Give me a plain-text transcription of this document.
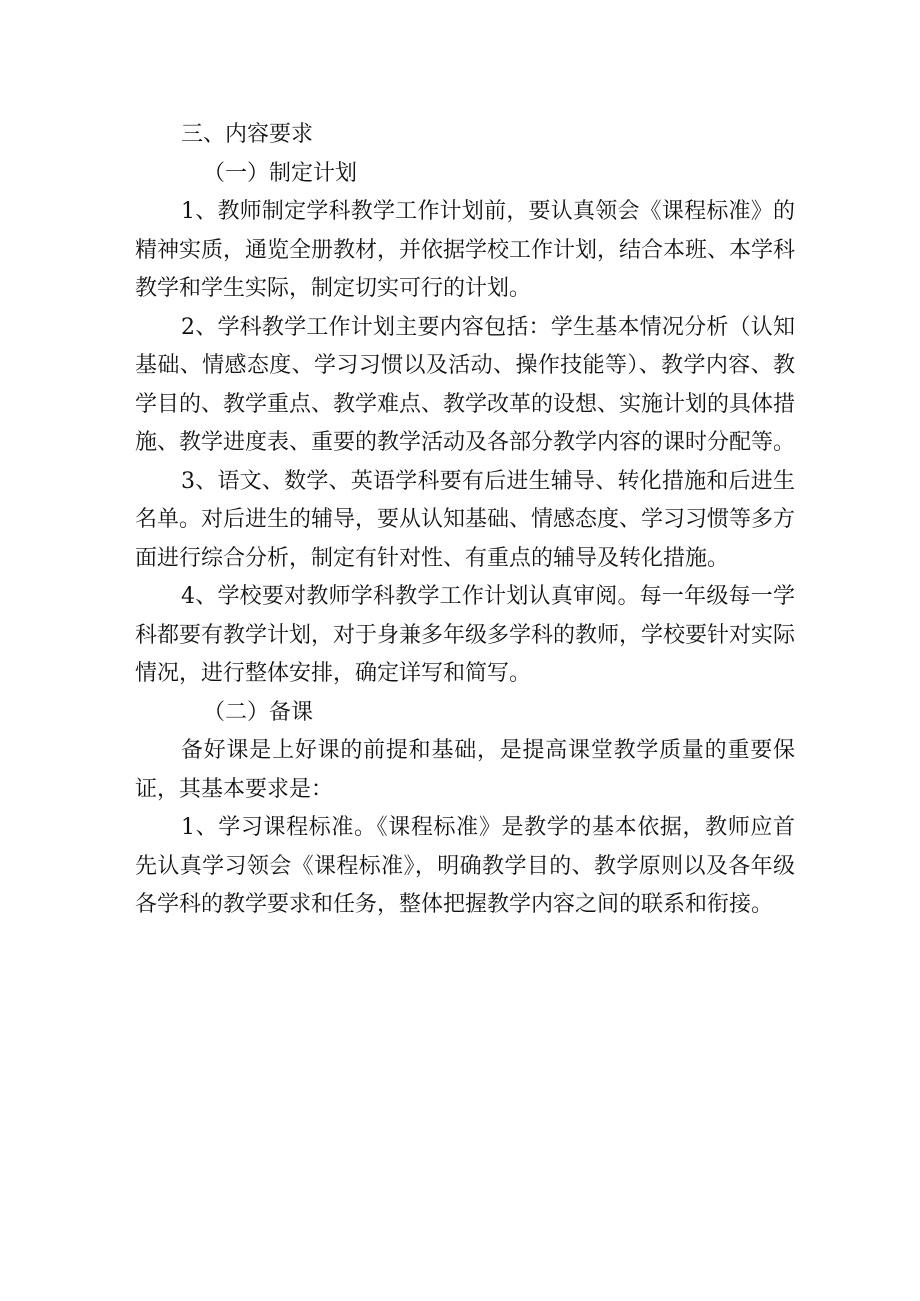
三、内容要求

（一）制定计划

1、教师制定学科教学工作计划前，要认真领会《课程标准》的精神实质，通览全册教材，并依据学校工作计划，结合本班、本学科教学和学生实际，制定切实可行的计划。

2、学科教学工作计划主要内容包括：学生基本情况分析（认知基础、情感态度、学习习惯以及活动、操作技能等）、教学内容、教学目的、教学重点、教学难点、教学改革的设想、实施计划的具体措施、教学进度表、重要的教学活动及各部分教学内容的课时分配等。

3、语文、数学、英语学科要有后进生辅导、转化措施和后进生名单。对后进生的辅导，要从认知基础、情感态度、学习习惯等多方面进行综合分析，制定有针对性、有重点的辅导及转化措施。

4、学校要对教师学科教学工作计划认真审阅。每一年级每一学科都要有教学计划，对于身兼多年级多学科的教师，学校要针对实际情况，进行整体安排，确定详写和简写。

（二）备课

备好课是上好课的前提和基础，是提高课堂教学质量的重要保证，其基本要求是：

1、学习课程标准。《课程标准》是教学的基本依据，教师应首先认真学习领会《课程标准》，明确教学目的、教学原则以及各年级各学科的教学要求和任务，整体把握教学内容之间的联系和衔接。
